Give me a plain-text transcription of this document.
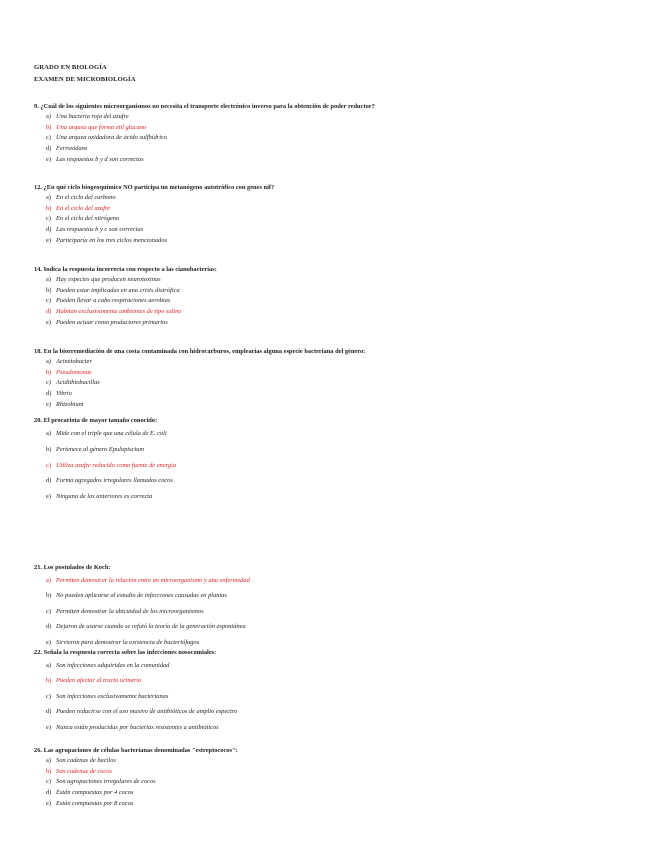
GRADO EN BIOLOGÍA
EXAMEN DE MICROBIOLOGÍA
9. ¿Cuál de los siguientes microorganismos no necesita el transporte electrónico inverso para la obtención de poder reductor?
a) Una bacteria roja del azufre
b) Una arquea que forma etil glucano
c) Una arquea oxidadora de ácido sulfhídrico
d) Ferroxidans
e) Las respuestas b y d son correctas
12. ¿En qué ciclo biogeoquímico NO participa un metanógeno autotrófico con genes nif?
a) En el ciclo del carbono
b) En el ciclo del azufre
c) En el ciclo del nitrógeno
d) Las respuestas b y c son correctas
e) Participaría en los tres ciclos mencionados
14. Indica la respuesta incorrecta con respecto a las cianobacterias:
a) Hay especies que producen neurotoxinas
b) Pueden estar implicadas en una crisis distrófica
c) Pueden llevar a cabo respiraciones aerobias
d) Habitan exclusivamente ambientes de tipo salino
e) Pueden actuar como productores primarios
18. En la biorremediación de una costa contaminada con hidrocarburos, emplearías alguna especie bacteriana del género:
a) Acinetobacter
b) Pseudomonas
c) Acidithiobacillus
d) Vibrio
e) Rhizobium
20. El procariota de mayor tamaño conocido:
a) Mide con el triple que una célula de E. coli
b) Pertenece al género Epulopiscium
c) Utiliza azufre reducido como fuente de energía
d) Forma agregados irregulares llamados cocos
e) Ninguna de las anteriores es correcta
21. Los postulados de Koch:
a) Permiten demostrar la relación entre un microorganismo y una enfermedad
b) No pueden aplicarse al estudio de infecciones causadas en plantas
c) Permiten demostrar la ubicuidad de los microorganismos
d) Dejaron de usarse cuando se refutó la teoría de la generación espontánea
e) Sirvieron para demostrar la existencia de bacteriófagos
22. Señala la respuesta correcta sobre las infecciones nosocomiales:
a) Son infecciones adquiridas en la comunidad
b) Pueden afectar al tracto urinario
c) Son infecciones exclusivamente bacterianas
d) Pueden reducirse con el uso masivo de antibióticos de amplio espectro
e) Nunca están producidas por bacterias resistentes a antibióticos
26. Las agrupaciones de células bacterianas denominadas "estreptococos":
a) Son cadenas de bacilos
b) Son cadenas de cocos
c) Son agrupaciones irregulares de cocos
d) Están compuestas por 4 cocos
e) Están compuestas por 8 cocos
